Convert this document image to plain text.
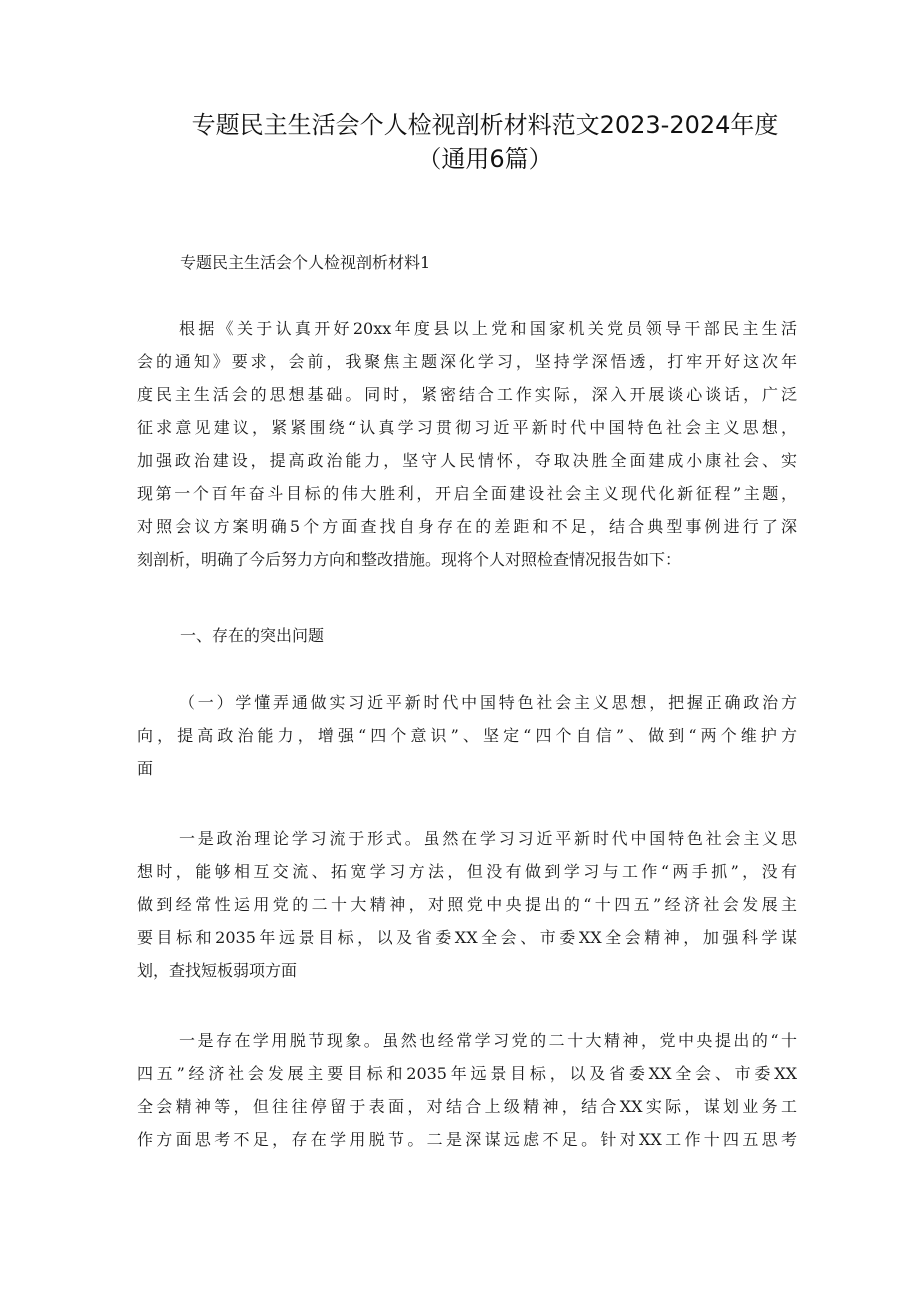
专题民主生活会个人检视剖析材料范文2023-2024年度
（通用6篇）
专题民主生活会个人检视剖析材料1
根据《关于认真开好20xx年度县以上党和国家机关党员领导干部民主生活
会的通知》要求，会前，我聚焦主题深化学习，坚持学深悟透，打牢开好这次年
度民主生活会的思想基础。同时，紧密结合工作实际，深入开展谈心谈话，广泛
征求意见建议，紧紧围绕“认真学习贯彻习近平新时代中国特色社会主义思想，
加强政治建设，提高政治能力，坚守人民情怀，夺取决胜全面建成小康社会、实
现第一个百年奋斗目标的伟大胜利，开启全面建设社会主义现代化新征程”主题，
对照会议方案明确5个方面查找自身存在的差距和不足，结合典型事例进行了深
刻剖析，明确了今后努力方向和整改措施。现将个人对照检查情况报告如下：
一、存在的突出问题
（一）学懂弄通做实习近平新时代中国特色社会主义思想，把握正确政治方
向，提高政治能力，增强“四个意识”、坚定“四个自信”、做到“两个维护方
面
一是政治理论学习流于形式。虽然在学习习近平新时代中国特色社会主义思
想时，能够相互交流、拓宽学习方法，但没有做到学习与工作“两手抓”，没有
做到经常性运用党的二十大精神，对照党中央提出的“十四五”经济社会发展主
要目标和2035年远景目标，以及省委XX全会、市委XX全会精神，加强科学谋
划，查找短板弱项方面
一是存在学用脱节现象。虽然也经常学习党的二十大精神，党中央提出的“十
四五”经济社会发展主要目标和2035年远景目标，以及省委XX全会、市委XX
全会精神等，但往往停留于表面，对结合上级精神，结合XX实际，谋划业务工
作方面思考不足，存在学用脱节。二是深谋远虑不足。针对XX工作十四五思考
